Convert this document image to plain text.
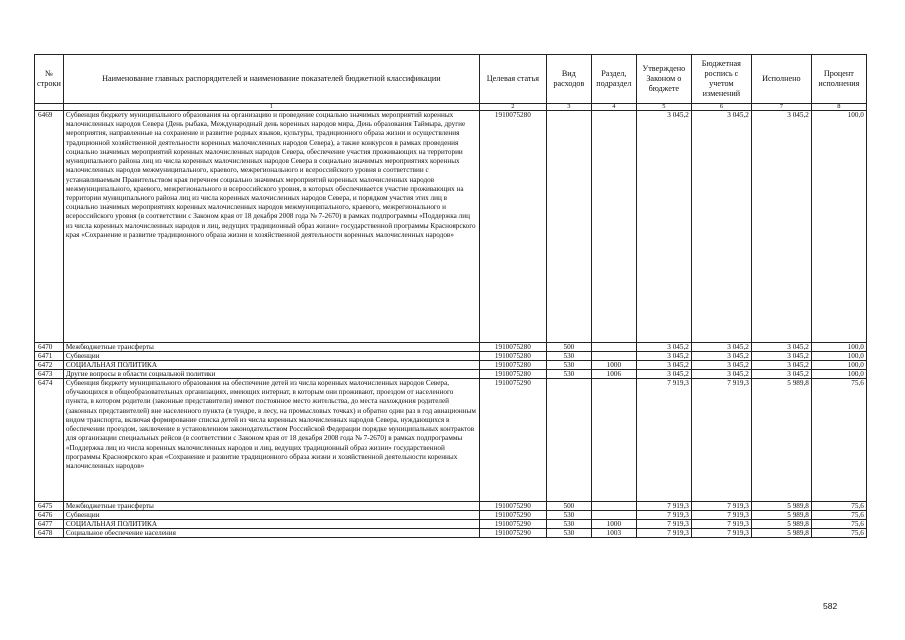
№ строки	Наименование главных распорядителей и наименование показателей бюджетной классификации	Целевая статья	Вид расходов	Раздел, подраздел	Утверждено Законом о бюджете	Бюджетная роспись с учетом изменений	Исполнено	Процент исполнения
	1	2	3	4	5	6	7	8
6469	Субвенция бюджету муниципального образования на организацию и проведение социально значимых мероприятий коренных малочисленных народов Севера (День рыбака, Международный день коренных народов мира, День образования Таймыра, другие мероприятия, направленные на сохранение и развитие родных языков, культуры, традиционного образа жизни и осуществления традиционной хозяйственной деятельности коренных малочисленных народов Севера), а также конкурсов в рамках проведения социально значимых мероприятий коренных малочисленных народов Севера, обеспечение участия проживающих на территории муниципального района лиц из числа коренных малочисленных народов Севера в социально значимых мероприятиях коренных малочисленных народов межмуниципального, краевого, межрегионального и всероссийского уровня в соответствии с устанавливаемым Правительством края перечнем социально значимых мероприятий коренных малочисленных народов межмуниципального, краевого, межрегионального и всероссийского уровня, в которых обеспечивается участие проживающих на территории муниципального района лиц из числа коренных малочисленных народов Севера, и порядком участия этих лиц в социально значимых мероприятиях коренных малочисленных народов межмуниципального, краевого, межрегионального и всероссийского уровня (в соответствии с Законом края от 18 декабря 2008 года № 7-2670) в рамках подпрограммы «Поддержка лиц из числа коренных малочисленных народов и лиц, ведущих традиционный образ жизни» государственной программы Красноярского края «Сохранение и развитие традиционного образа жизни и хозяйственной деятельности коренных малочисленных народов»	1910075280			3 045,2	3 045,2	3 045,2	100,0
6470	Межбюджетные трансферты	1910075280	500		3 045,2	3 045,2	3 045,2	100,0
6471	Субвенции	1910075280	530		3 045,2	3 045,2	3 045,2	100,0
6472	СОЦИАЛЬНАЯ ПОЛИТИКА	1910075280	530	1000	3 045,2	3 045,2	3 045,2	100,0
6473	Другие вопросы в области социальной политики	1910075280	530	1006	3 045,2	3 045,2	3 045,2	100,0
6474	Субвенция бюджету муниципального образования на обеспечение детей из числа коренных малочисленных народов Севера, обучающихся в общеобразовательных организациях, имеющих интернат, в которым они проживают, проездом от населенного пункта, в котором родители (законные представители) имеют постоянное место жительства, до места нахождения родителей (законных представителей) вне населенного пункта (в тундре, в лесу, на промысловых точках) и обратно один раз в год авиационным видом транспорта, включая формирование списка детей из числа коренных малочисленных народов Севера, нуждающихся в обеспечении проездом, заключение в установленном законодательством Российской Федерации порядке муниципальных контрактов для организации специальных рейсов (в соответствии с Законом края от 18 декабря 2008 года № 7-2670) в рамках подпрограммы «Поддержка лиц из числа коренных малочисленных народов и лиц, ведущих традиционный образ жизни» государственной программы Красноярского края «Сохранение и развитие традиционного образа жизни и хозяйственной деятельности коренных малочисленных народов»	1910075290			7 919,3	7 919,3	5 989,8	75,6
6475	Межбюджетные трансферты	1910075290	500		7 919,3	7 919,3	5 989,8	75,6
6476	Субвенции	1910075290	530		7 919,3	7 919,3	5 989,8	75,6
6477	СОЦИАЛЬНАЯ ПОЛИТИКА	1910075290	530	1000	7 919,3	7 919,3	5 989,8	75,6
6478	Социальное обеспечение населения	1910075290	530	1003	7 919,3	7 919,3	5 989,8	75,6
582
